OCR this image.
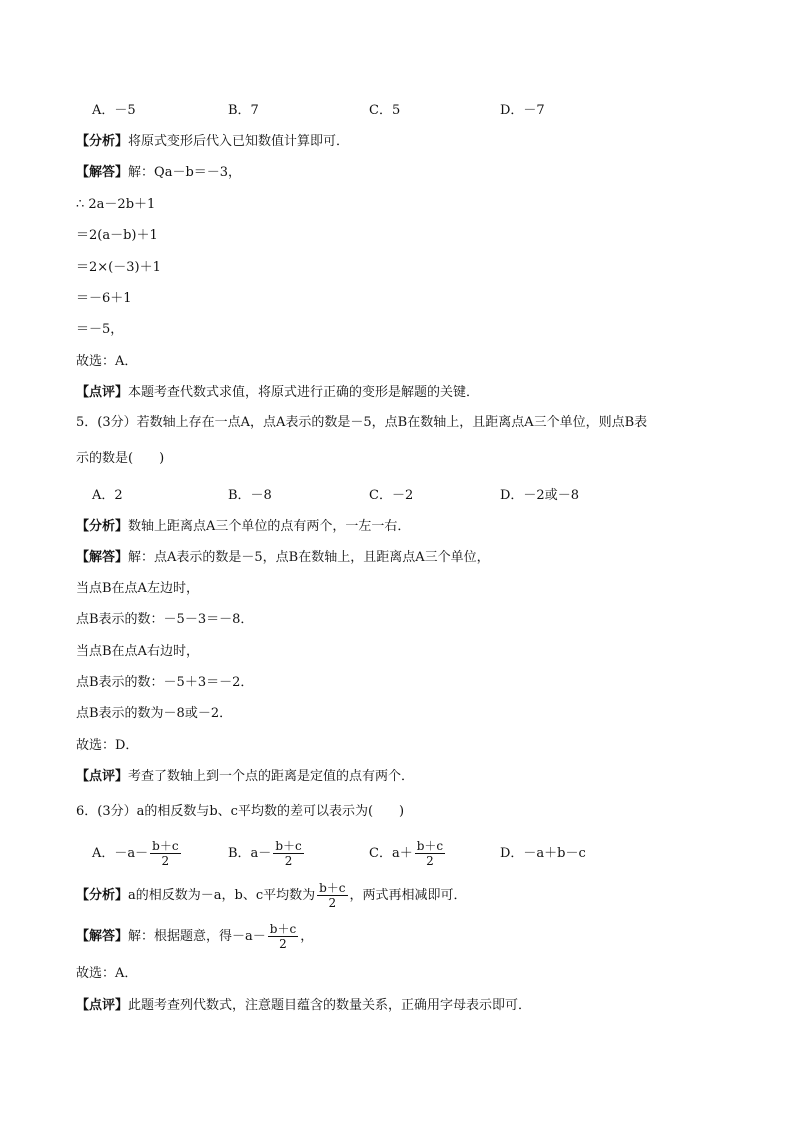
A．－5	B．7	C．5	D．－7
【分析】将原式变形后代入已知数值计算即可．
【解答】解：Qa－b＝－3，
∴ 2a－2b＋1
＝2(a－b)＋1
＝2×(－3)＋1
＝－6＋1
＝－5，
故选：A．
【点评】本题考查代数式求值，将原式进行正确的变形是解题的关键．
5．(3分）若数轴上存在一点A，点A表示的数是－5，点B在数轴上，且距离点A三个单位，则点B表
示的数是(　　)
A．2	B．－8	C．－2	D．－2或－8
【分析】数轴上距离点A三个单位的点有两个，一左一右．
【解答】解：点A表示的数是－5，点B在数轴上，且距离点A三个单位，
当点B在点A左边时，
点B表示的数：－5－3＝－8．
当点B在点A右边时，
点B表示的数：－5＋3＝－2．
点B表示的数为－8或－2．
故选：D．
【点评】考查了数轴上到一个点的距离是定值的点有两个．
6．(3分）a的相反数与b、c平均数的差可以表示为(　　)
A．$-a- \frac{b+c}{2}$	B．$a- \frac{b+c}{2}$	C．$a+ \frac{b+c}{2}$	D．－a＋b－c
【分析】a的相反数为－a，b、c平均数为 $\frac{b+c}{2}$ ，两式再相减即可．
【解答】解：根据题意，得$-a- \frac{b+c}{2}$ ，
故选：A．
【点评】此题考查列代数式，注意题目蕴含的数量关系，正确用字母表示即可．
